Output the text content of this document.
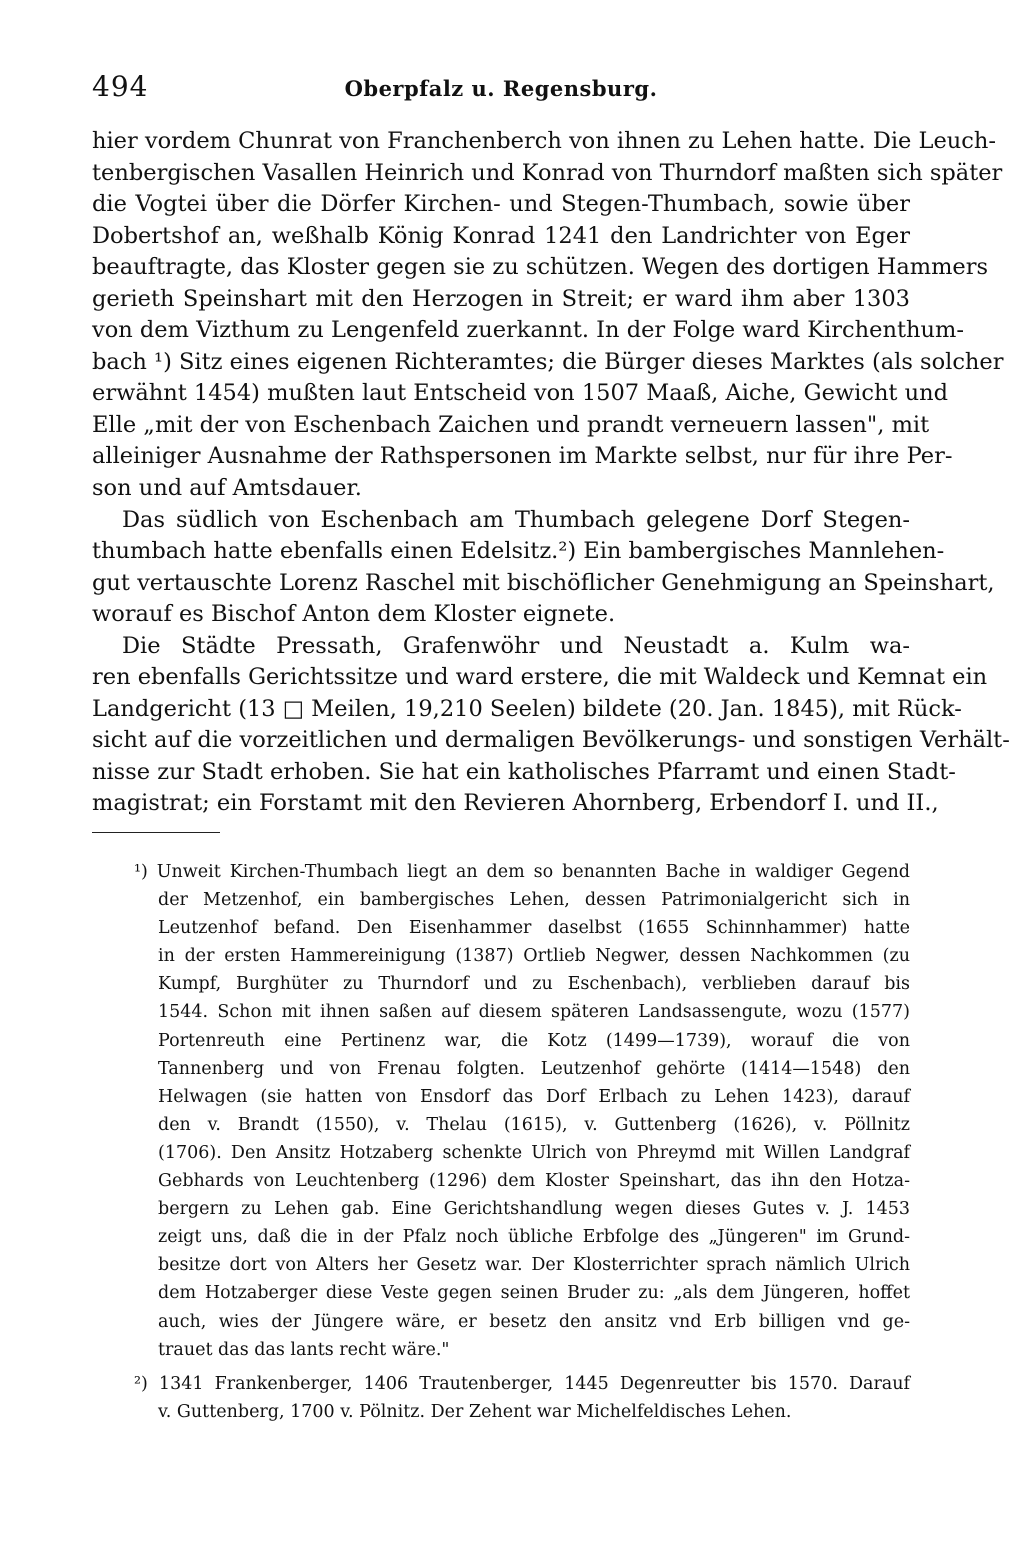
494	Oberpfalz u. Regensburg.
hier vordem Chunrat von Franchenberch von ihnen zu Lehen hatte. Die Leuch-
tenbergischen Vasallen Heinrich und Konrad von Thurndorf maßten sich später
die Vogtei über die Dörfer Kirchen- und Stegen-Thumbach, sowie über
Dobertshof an, weßhalb König Konrad 1241 den Landrichter von Eger
beauftragte, das Kloster gegen sie zu schützen. Wegen des dortigen Hammers
gerieth Speinshart mit den Herzogen in Streit; er ward ihm aber 1303
von dem Vizthum zu Lengenfeld zuerkannt. In der Folge ward Kirchenthum-
bach ¹) Sitz eines eigenen Richteramtes; die Bürger dieses Marktes (als solcher
erwähnt 1454) mußten laut Entscheid von 1507 Maaß, Aiche, Gewicht und
Elle „mit der von Eschenbach Zaichen und prandt verneuern lassen", mit
alleiniger Ausnahme der Rathspersonen im Markte selbst, nur für ihre Per-
son und auf Amtsdauer.
Das südlich von Eschenbach am Thumbach gelegene Dorf Stegen-
thumbach hatte ebenfalls einen Edelsitz.²) Ein bambergisches Mannlehen-
gut vertauschte Lorenz Raschel mit bischöflicher Genehmigung an Speinshart,
worauf es Bischof Anton dem Kloster eignete.
Die Städte Pressath, Grafenwöhr und Neustadt a. Kulm wa-
ren ebenfalls Gerichtssitze und ward erstere, die mit Waldeck und Kemnat ein
Landgericht (13 □ Meilen, 19,210 Seelen) bildete (20. Jan. 1845), mit Rück-
sicht auf die vorzeitlichen und dermaligen Bevölkerungs- und sonstigen Verhält-
nisse zur Stadt erhoben. Sie hat ein katholisches Pfarramt und einen Stadt-
magistrat; ein Forstamt mit den Revieren Ahornberg, Erbendorf I. und II.,
¹) Unweit Kirchen-Thumbach liegt an dem so benannten Bache in waldiger Gegend
der Metzenhof, ein bambergisches Lehen, dessen Patrimonialgericht sich in
Leutzenhof befand. Den Eisenhammer daselbst (1655 Schinnhammer) hatte
in der ersten Hammereinigung (1387) Ortlieb Negwer, dessen Nachkommen (zu
Kumpf, Burghüter zu Thurndorf und zu Eschenbach), verblieben darauf bis
1544. Schon mit ihnen saßen auf diesem späteren Landsassengute, wozu (1577)
Portenreuth eine Pertinenz war, die Kotz (1499—1739), worauf die von
Tannenberg und von Frenau folgten. Leutzenhof gehörte (1414—1548) den
Helwagen (sie hatten von Ensdorf das Dorf Erlbach zu Lehen 1423), darauf
den v. Brandt (1550), v. Thelau (1615), v. Guttenberg (1626), v. Pöllnitz
(1706). Den Ansitz Hotzaberg schenkte Ulrich von Phreymd mit Willen Landgraf
Gebhards von Leuchtenberg (1296) dem Kloster Speinshart, das ihn den Hotza-
bergern zu Lehen gab. Eine Gerichtshandlung wegen dieses Gutes v. J. 1453
zeigt uns, daß die in der Pfalz noch übliche Erbfolge des „Jüngeren" im Grund-
besitze dort von Alters her Gesetz war. Der Klosterrichter sprach nämlich Ulrich
dem Hotzaberger diese Veste gegen seinen Bruder zu: „als dem Jüngeren, hoffet
auch, wies der Jüngere wäre, er besetz den ansitz vnd Erb billigen vnd ge-
trauet das das lants recht wäre."
²) 1341 Frankenberger, 1406 Trautenberger, 1445 Degenreutter bis 1570. Darauf
v. Guttenberg, 1700 v. Pölnitz. Der Zehent war Michelfeldisches Lehen.
